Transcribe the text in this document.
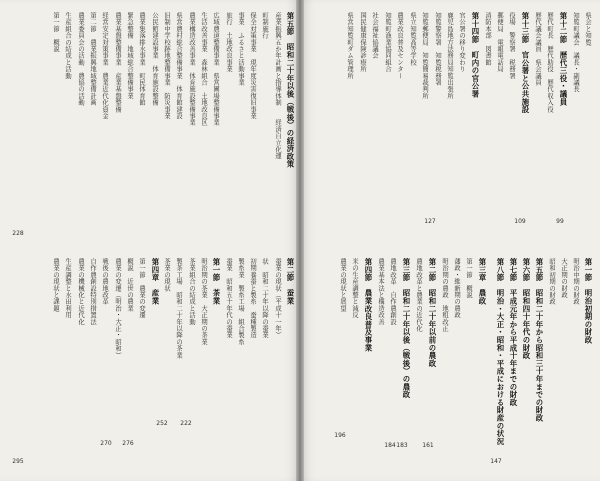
第五節　昭和二十年以後（戦後）の経済政策
産業振興五か年計画と指導体制　　経済自立化運
町制施行
保全対策事業　現年度災害復旧事業
事業　ふるさと活動事業
旅行　土地改良事業
広域農道整備事業　県営圃場整備事業
生活改善事業　森林組合　土地改良区
農業構造改善事業　体育施設整備事業
県営農村総合整備事業　体育館建設
旧制中学校跡地整備事業　防災事業
公民館建設事業　体育施設整備
農業集落排水事業　町民体育館
緊急整備　地域総合整備事業
農業基盤整備事業　産業基盤整備
経営安定対策事業　農業近代化資金
第二節　農業振興地域整備計画
農業委員会の活動　農協の活動
生産組合の結成と活動
第一節　概説
第二節　蚕業
蚕業の現状（平成十一年）
状　昭和二十年以降の蚕業
初期養蚕と製糸　蚕種製造
製糸業　製糸工場　組合製糸
蚕業　昭和五十年代の蚕業
第一節　茶業
明治期の茶業　大正期の茶業
茶業組合の結成と活動
製茶工場　昭和二十年以降の茶業
茶業の現状
第四章　産業
第一節　農業の変遷
概説　近世の農業
農業の変遷（明治・大正・昭和）
戦後の農地改革
自作農創設特別措置法
農業の機械化と近代化
生産調整と水田利用
農業の現状と課題
228
270 276
252 222
295
県会と知覧
知覧町議会　議長・副議長
第十二節　歴代三役・議員
歴代町長　歴代助役　歴代収入役
歴代議会議員　県会議員
第十三節　官公署と公共施設
役場　警察署　税務署
郵便局　電報電話局
消防本部　図書館
第十四節　町内の官公署
官公署の移り変わり
鹿児島地方法務局知覧出張所
知覧警察署　知覧税務署
知覧郵便局　知覧簡易裁判所
県立知覧高等学校
農業改良普及センター
知覧町漁業協同組合
社会福祉協議会
国民健康保険診療所
県営知覧町ダム管理所
第一節　明治初期の財政
明治中期の財政
大正期の財政
昭和初期の財政
第五節　昭和二十年から昭和三十年までの財政
第六節　昭和四十年代の財政
第七節　平成元年から平成十年までの財政
第八節　明治・大正・昭和・平成における財産の状況
第三章　農政
第一節　概説
藩政・維新期の農政
明治期の農政　地租改正
第二節　昭和二十年以前の農政
農地改革と農業の近代化
第三節　昭和二十年以後（戦後）の農政
農地改革　自作農創設
農業基本法と構造改善
第四節　農業改良普及事業
米の生産調整と減反
農業の現状と展望
99
109
127
161
147
183
184
196
